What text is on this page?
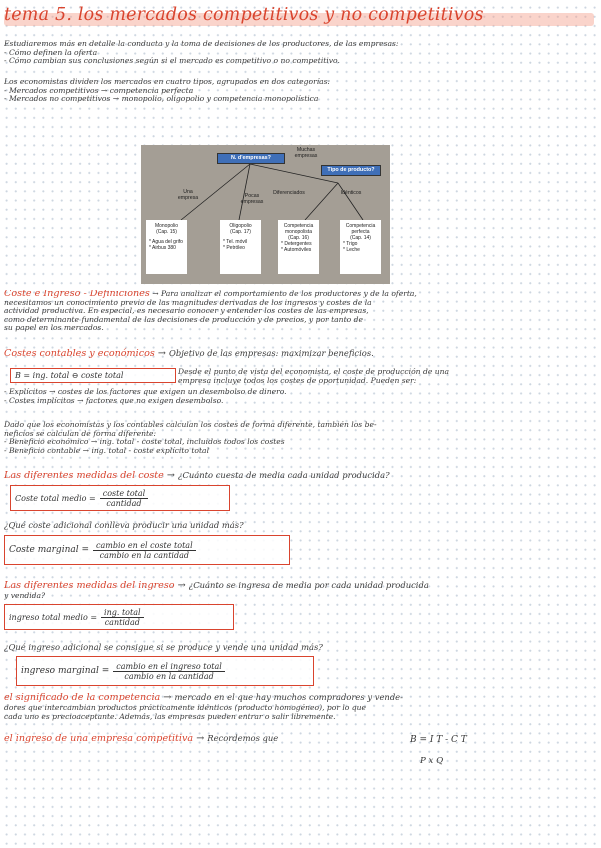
tema 5. los mercados competitivos y no competitivos
Estudiaremos más en detalle la conducta y la toma de decisiones de los productores, de las empresas:
- Cómo definen la oferta
- Cómo cambian sus conclusiones según si el mercado es competitivo o no competitivo.
Los economistas dividen los mercados en cuatro tipos, agrupados en dos categorías:
- Mercados competitivos → competencia perfecta
- Mercados no competitivos → monopolio, oligopolio y competencia monopolística
N. d'empresas?
Tipo de producto?
Muchas
empresas
Una
empresa	Pocas
empresas
Diferenciados	Idénticos
Monopolio
(Cap. 15)
* Agua del grifo
* Airbus 380
Oligopolio
(Cap. 17)
* Tel. móvil
* Petróleo
Competencia
monopolista
(Cap. 16)
* Detergentes
* Automóviles
Competencia
perfecta
(Cap. 14)
* Trigo
* Leche
Coste e Ingreso - Definiciones → Para analizar el comportamiento de los productores y de la oferta,
necesitamos un conocimiento previo de las magnitudes derivadas de los ingresos y costes de la
actividad productiva. En especial, es necesario conocer y entender los costes de las empresas,
como determinante fundamental de las decisiones de producción y de precios, y por tanto de
su papel en los mercados.
Costes contables y económicos → Objetivo de las empresas: maximizar beneficios.
B = ing. total ⊖ coste total	Desde el punto de vista del economista, el coste de producción de una
empresa incluye todos los costes de oportunidad. Pueden ser:
- Explícitos → costes de los factores que exigen un desembolso de dinero.
- Costes implícitos → factores que no exigen desembolso.
Dado que los economistas y los contables calculan los costes de forma diferente, también los be-
neficios se calculan de forma diferente:
- Beneficio económico → ing. total - coste total, incluidos todos los costes
- Beneficio contable → ing. total - coste explícito total
Las diferentes medidas del coste → ¿Cuánto cuesta de media cada unidad producida?
Coste total medio = $\frac{\text{coste total}}{\text{cantidad}}$
¿Qué coste adicional conlleva producir una unidad más?
Coste marginal = $\frac{\text{cambio en el coste total}}{\text{cambio en la cantidad}}$
Las diferentes medidas del ingreso → ¿Cuánto se ingresa de media por cada unidad producida
y vendida?
ingreso total medio = $\frac{\text{ing. total}}{\text{cantidad}}$
¿Qué ingreso adicional se consigue si se produce y vende una unidad más?
ingreso marginal = $\frac{\text{cambio en el ingreso total}}{\text{cambio en la cantidad}}$
el significado de la competencia → mercado en el que hay muchos compradores y vende-
dores que intercambian productos prácticamente idénticos (producto homogéneo), por lo que
cada uno es precioaceptante. Además, las empresas pueden entrar o salir libremente.
el ingreso de una empresa competitiva → Recordemos que	B = I T - C T
P x Q
